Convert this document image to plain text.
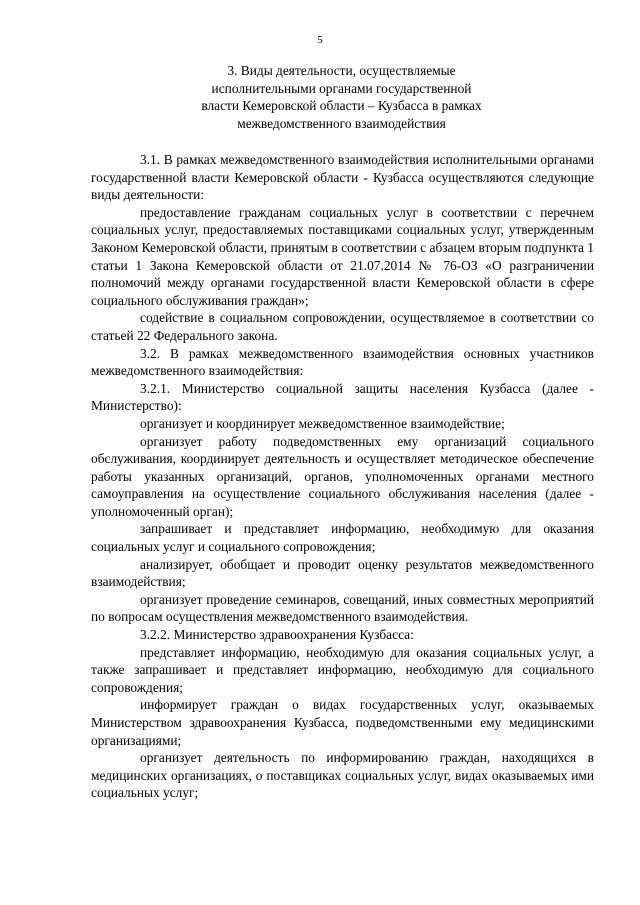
5
3. Виды деятельности, осуществляемые
исполнительными органами государственной
власти Кемеровской области – Кузбасса в рамках
межведомственного взаимодействия

3.1. В рамках межведомственного взаимодействия исполнительными органами государственной власти Кемеровской области - Кузбасса осуществляются следующие виды деятельности:

предоставление гражданам социальных услуг в соответствии с перечнем социальных услуг, предоставляемых поставщиками социальных услуг, утвержденным Законом Кемеровской области, принятым в соответствии с абзацем вторым подпункта 1 статьи 1 Закона Кемеровской области от 21.07.2014 № 76-ОЗ «О разграничении полномочий между органами государственной власти Кемеровской области в сфере социального обслуживания граждан»;

содействие в социальном сопровождении, осуществляемое в соответствии со статьей 22 Федерального закона.

3.2. В рамках межведомственного взаимодействия основных участников межведомственного взаимодействия:

3.2.1. Министерство социальной защиты населения Кузбасса (далее - Министерство):

организует и координирует межведомственное взаимодействие;

организует работу подведомственных ему организаций социального обслуживания, координирует деятельность и осуществляет методическое обеспечение работы указанных организаций, органов, уполномоченных органами местного самоуправления на осуществление социального обслуживания населения (далее - уполномоченный орган);

запрашивает и представляет информацию, необходимую для оказания социальных услуг и социального сопровождения;

анализирует, обобщает и проводит оценку результатов межведомственного взаимодействия;

организует проведение семинаров, совещаний, иных совместных мероприятий по вопросам осуществления межведомственного взаимодействия.

3.2.2. Министерство здравоохранения Кузбасса:

представляет информацию, необходимую для оказания социальных услуг, а также запрашивает и представляет информацию, необходимую для социального сопровождения;

информирует граждан о видах государственных услуг, оказываемых Министерством здравоохранения Кузбасса, подведомственными ему медицинскими организациями;

организует деятельность по информированию граждан, находящихся в медицинских организациях, о поставщиках социальных услуг, видах оказываемых ими социальных услуг;
